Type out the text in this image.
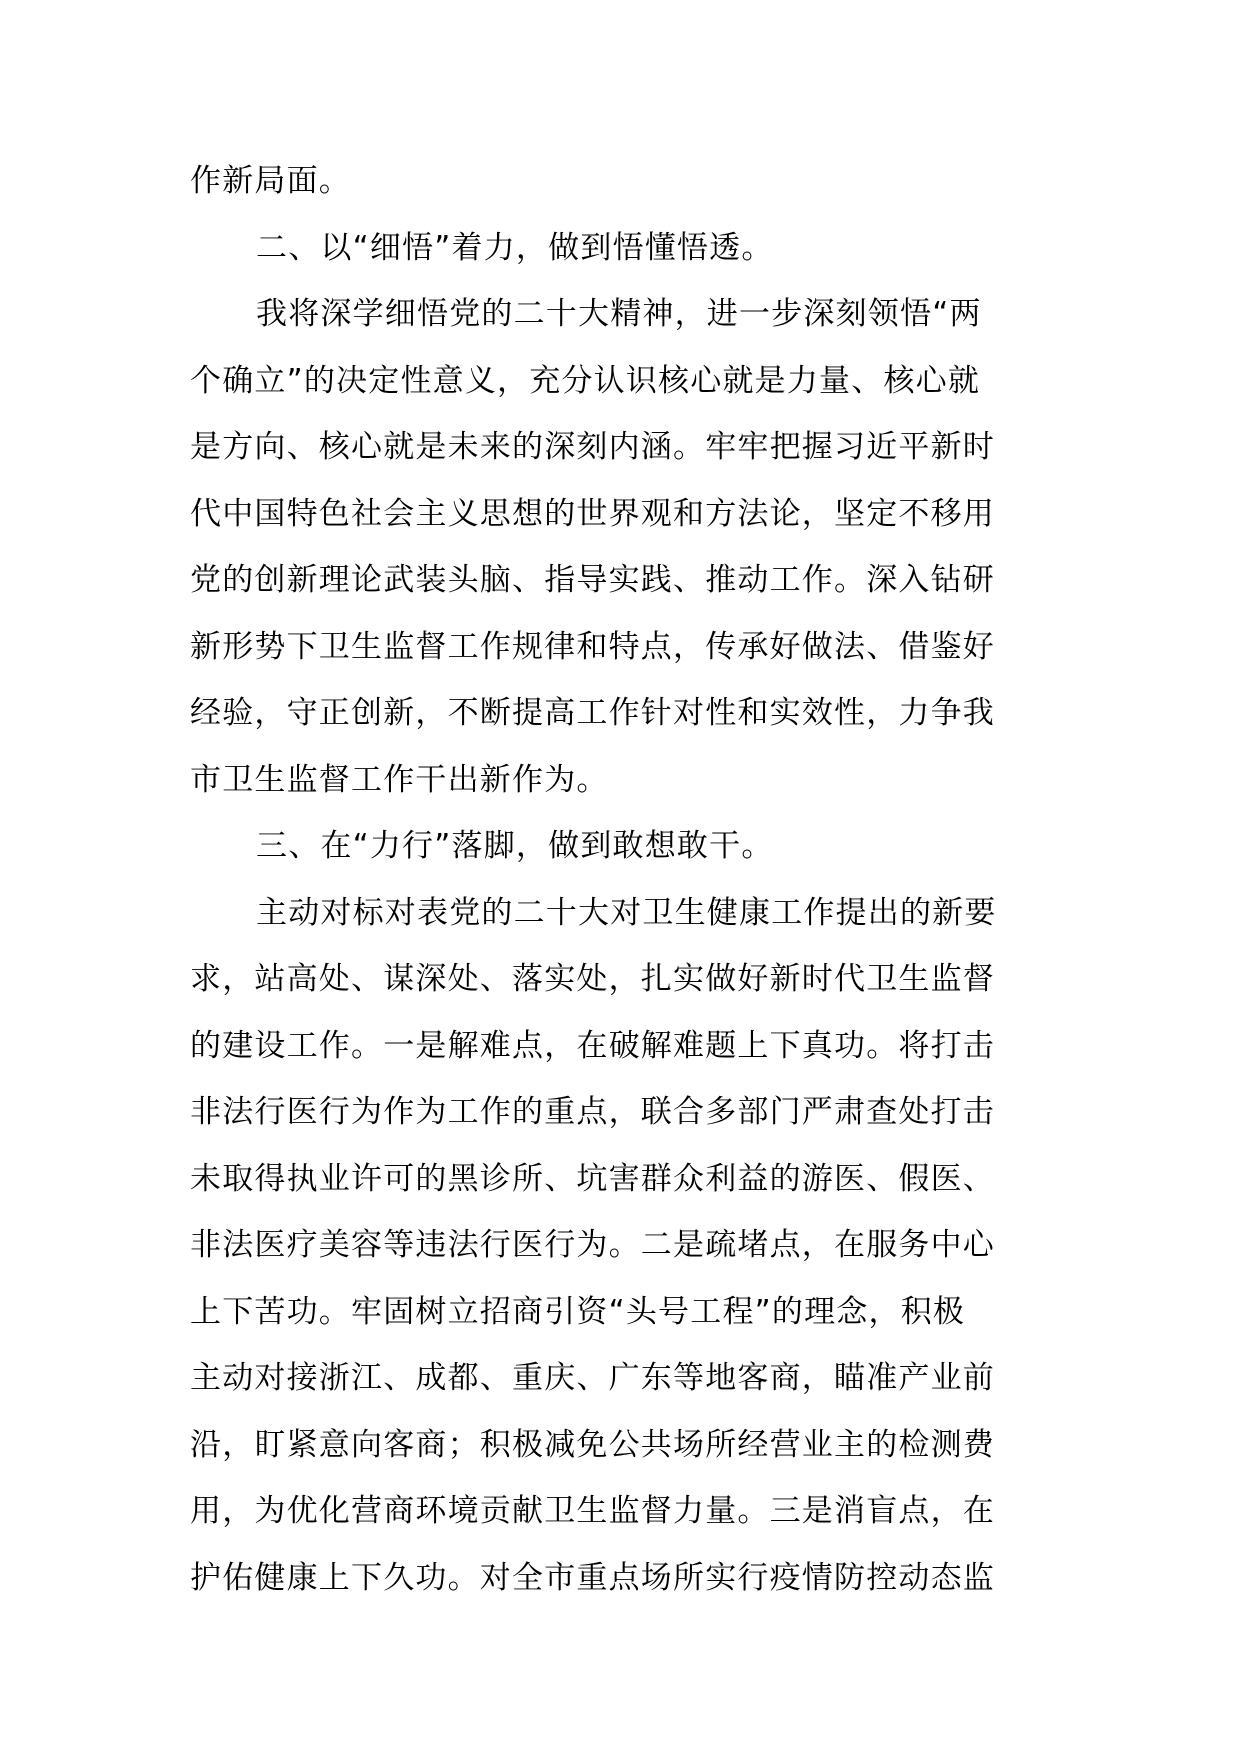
作新局面。
二、以“细悟”着力，做到悟懂悟透。
我将深学细悟党的二十大精神，进一步深刻领悟“两
个确立”的决定性意义，充分认识核心就是力量、核心就
是方向、核心就是未来的深刻内涵。牢牢把握习近平新时
代中国特色社会主义思想的世界观和方法论，坚定不移用
党的创新理论武装头脑、指导实践、推动工作。深入钻研
新形势下卫生监督工作规律和特点，传承好做法、借鉴好
经验，守正创新，不断提高工作针对性和实效性，力争我
市卫生监督工作干出新作为。
三、在“力行”落脚，做到敢想敢干。
主动对标对表党的二十大对卫生健康工作提出的新要
求，站高处、谋深处、落实处，扎实做好新时代卫生监督
的建设工作。一是解难点，在破解难题上下真功。将打击
非法行医行为作为工作的重点，联合多部门严肃查处打击
未取得执业许可的黑诊所、坑害群众利益的游医、假医、
非法医疗美容等违法行医行为。二是疏堵点，在服务中心
上下苦功。牢固树立招商引资“头号工程”的理念，积极
主动对接浙江、成都、重庆、广东等地客商，瞄准产业前
沿，盯紧意向客商；积极减免公共场所经营业主的检测费
用，为优化营商环境贡献卫生监督力量。三是消盲点，在
护佑健康上下久功。对全市重点场所实行疫情防控动态监
